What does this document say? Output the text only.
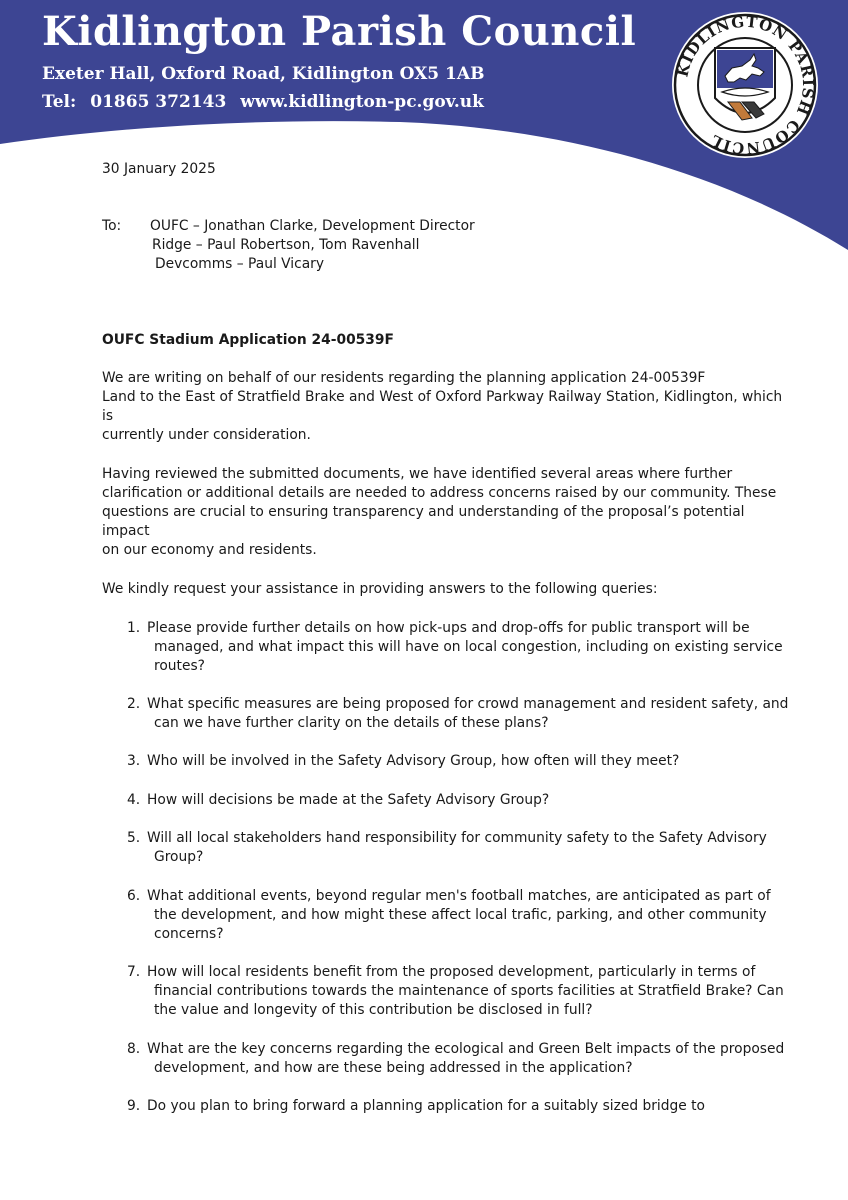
Kidlington Parish Council
Exeter Hall, Oxford Road, Kidlington OX5 1AB
Tel: 01865 372143 www.kidlington-pc.gov.uk
KIDLINGTON PARISH COUNCIL
30 January 2025
To: OUFC – Jonathan Clarke, Development Director
Ridge – Paul Robertson, Tom Ravenhall
Devcomms – Paul Vicary
OUFC Stadium Application 24-00539F

We are writing on behalf of our residents regarding the planning application 24-00539F
Land to the East of Stratfield Brake and West of Oxford Parkway Railway Station, Kidlington, which
is
currently under consideration.

Having reviewed the submitted documents, we have identified several areas where further
clarification or additional details are needed to address concerns raised by our community. These
questions are crucial to ensuring transparency and understanding of the proposal’s potential
impact
on our economy and residents.

We kindly request your assistance in providing answers to the following queries:

1. Please provide further details on how pick-ups and drop-offs for public transport will be
managed, and what impact this will have on local congestion, including on existing service
routes?
2. What specific measures are being proposed for crowd management and resident safety, and
can we have further clarity on the details of these plans?
3. Who will be involved in the Safety Advisory Group, how often will they meet?
4. How will decisions be made at the Safety Advisory Group?
5. Will all local stakeholders hand responsibility for community safety to the Safety Advisory
Group?
6. What additional events, beyond regular men's football matches, are anticipated as part of
the development, and how might these affect local trafic, parking, and other community
concerns?
7. How will local residents benefit from the proposed development, particularly in terms of
financial contributions towards the maintenance of sports facilities at Stratfield Brake? Can
the value and longevity of this contribution be disclosed in full?
8. What are the key concerns regarding the ecological and Green Belt impacts of the proposed
development, and how are these being addressed in the application?
9. Do you plan to bring forward a planning application for a suitably sized bridge to
